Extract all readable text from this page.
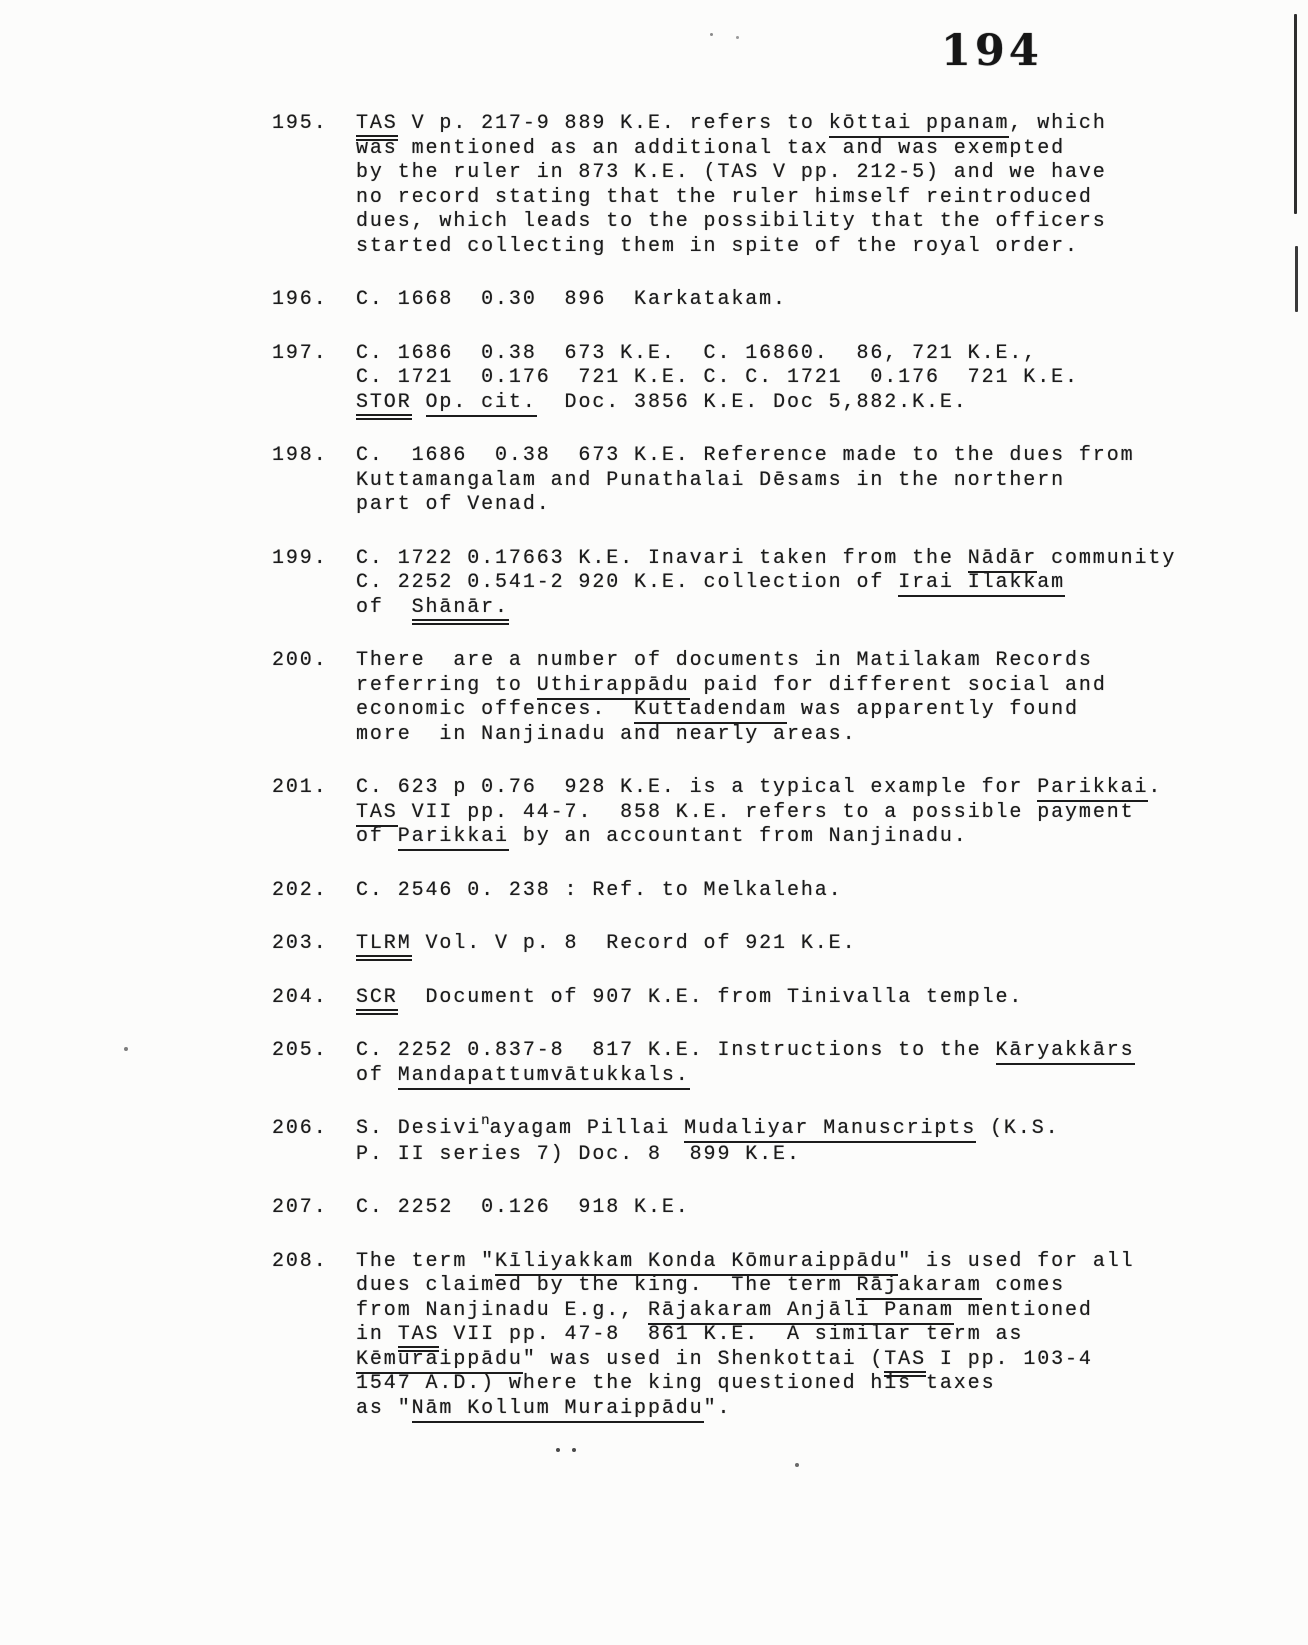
194
195.	TAS V p. 217-9 889 K.E. refers to kōttai ppanam, which
was mentioned as an additional tax and was exempted
by the ruler in 873 K.E. (TAS V pp. 212-5) and we have
no record stating that the ruler himself reintroduced
dues, which leads to the possibility that the officers
started collecting them in spite of the royal order.
196.	C. 1668  0.30  896  Karkatakam.
197.	C. 1686  0.38  673 K.E.  C. 16860.  86, 721 K.E.,
C. 1721  0.176  721 K.E. C. C. 1721  0.176  721 K.E.
STOR Op. cit.  Doc. 3856 K.E. Doc 5,882.K.E.
198.	C.  1686  0.38  673 K.E. Reference made to the dues from
Kuttamangalam and Punathalai Dēsams in the northern
part of Venad.
199.	C. 1722 0.17663 K.E. Inavari taken from the Nādār community
C. 2252 0.541-2 920 K.E. collection of Irai Ilakkam
of  Shānār.
200.	There  are a number of documents in Matilakam Records
referring to Uthirappādu paid for different social and
economic offences.  Kuttadendam was apparently found
more  in Nanjinadu and nearly areas.
201.	C. 623 p 0.76  928 K.E. is a typical example for Parikkai.
TAS VII pp. 44-7.  858 K.E. refers to a possible payment
of Parikkai by an accountant from Nanjinadu.
202.	C. 2546 0. 238 : Ref. to Melkaleha.
203.	TLRM Vol. V p. 8  Record of 921 K.E.
204.	SCR  Document of 907 K.E. from Tinivalla temple.
205.	C. 2252 0.837-8  817 K.E. Instructions to the Kāryakkārs
of Mandapattumvātukkals.
206.	S. Desivinayagam Pillai Mudaliyar Manuscripts (K.S.
P. II series 7) Doc. 8  899 K.E.
207.	C. 2252  0.126  918 K.E.
208.	The term "Kīliyakkam Konda Kōmuraippādu" is used for all
dues claimed by the king.  The term Rājakaram comes
from Nanjinadu E.g., Rājakaram Anjāli Panam mentioned
in TAS VII pp. 47-8  861 K.E.  A similar term as
Kēmuraippādu" was used in Shenkottai (TAS I pp. 103-4
1547 A.D.) where the king questioned his taxes
as "Nām Kollum Muraippādu".
